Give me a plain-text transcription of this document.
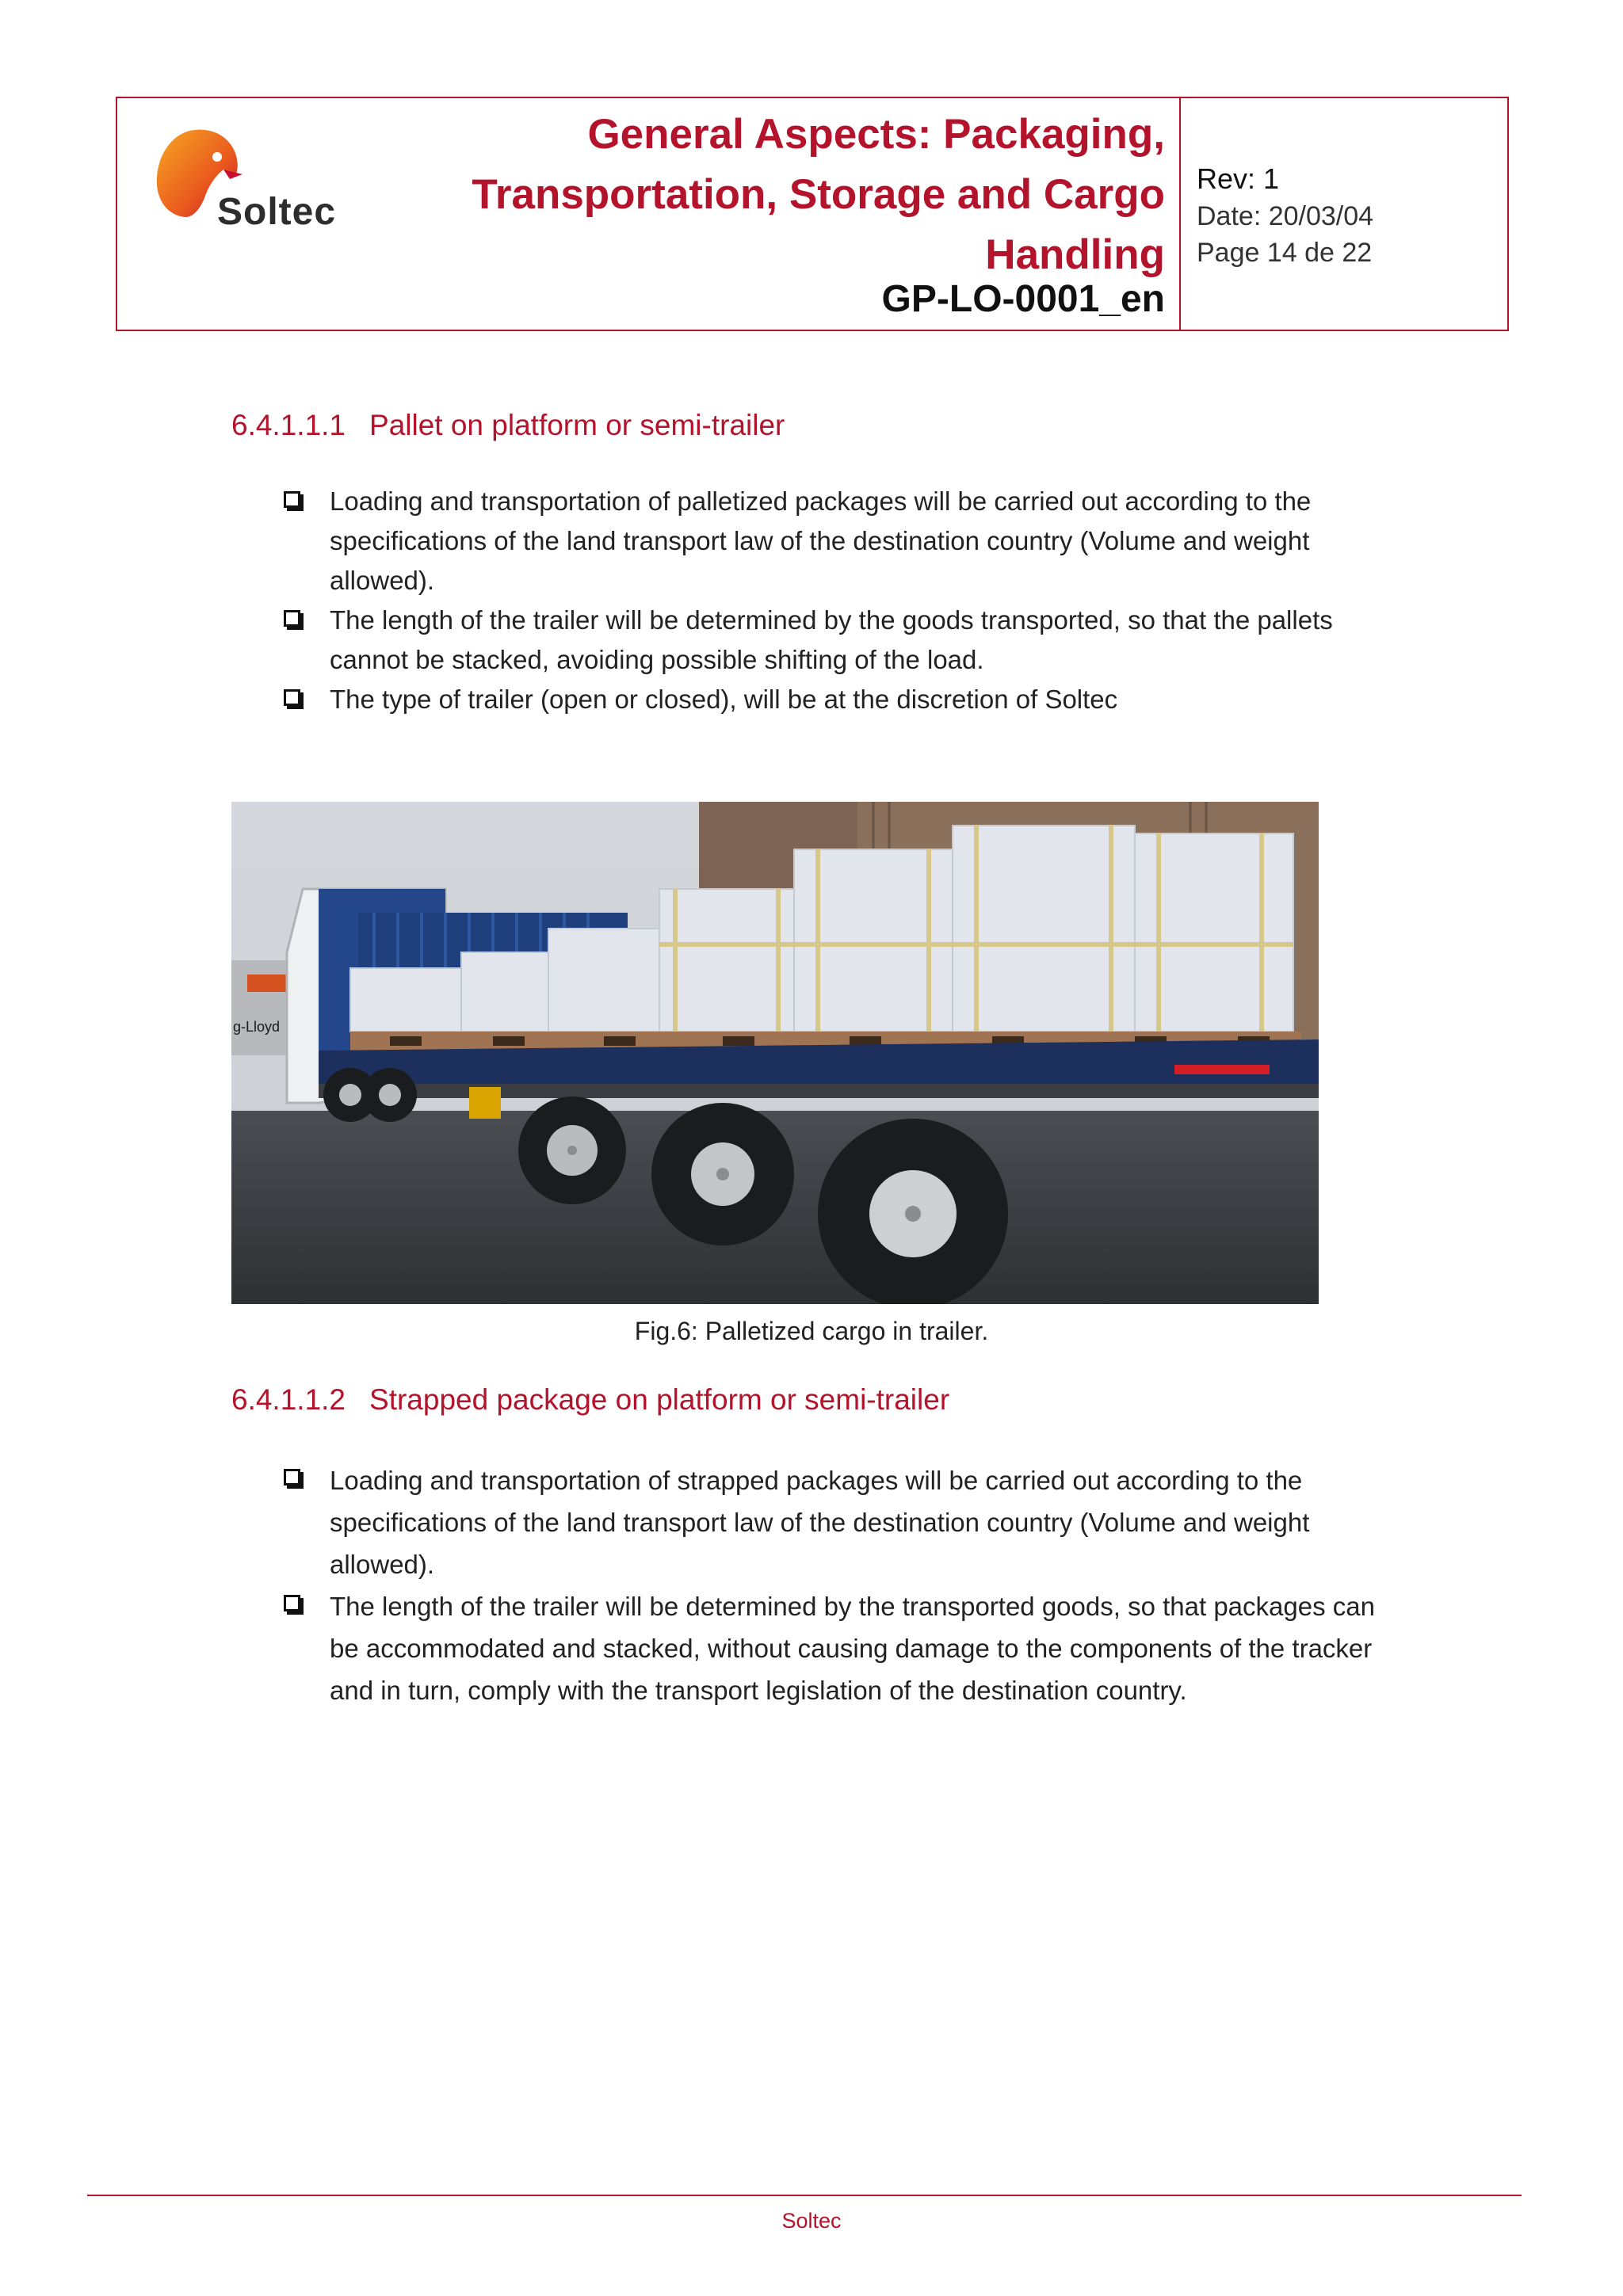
Soltec
General Aspects: Packaging,
Transportation, Storage and Cargo
Handling
GP-LO-0001_en
Rev: 1
Date: 20/03/04
Page 14 de 22
6.4.1.1.1 Pallet on platform or semi-trailer
Loading and transportation of palletized packages will be carried out according to the specifications of the land transport law of the destination country (Volume and weight allowed).
The length of the trailer will be determined by the goods transported, so that the pallets cannot be stacked, avoiding possible shifting of the load.
The type of trailer (open or closed), will be at the discretion of Soltec
g-Lloyd
Fig.6: Palletized cargo in trailer.
6.4.1.1.2 Strapped package on platform or semi-trailer
Loading and transportation of strapped packages will be carried out according to the specifications of the land transport law of the destination country (Volume and weight allowed).
The length of the trailer will be determined by the transported goods, so that packages can be accommodated and stacked, without causing damage to the components of the tracker and in turn, comply with the transport legislation of the destination country.
Soltec
